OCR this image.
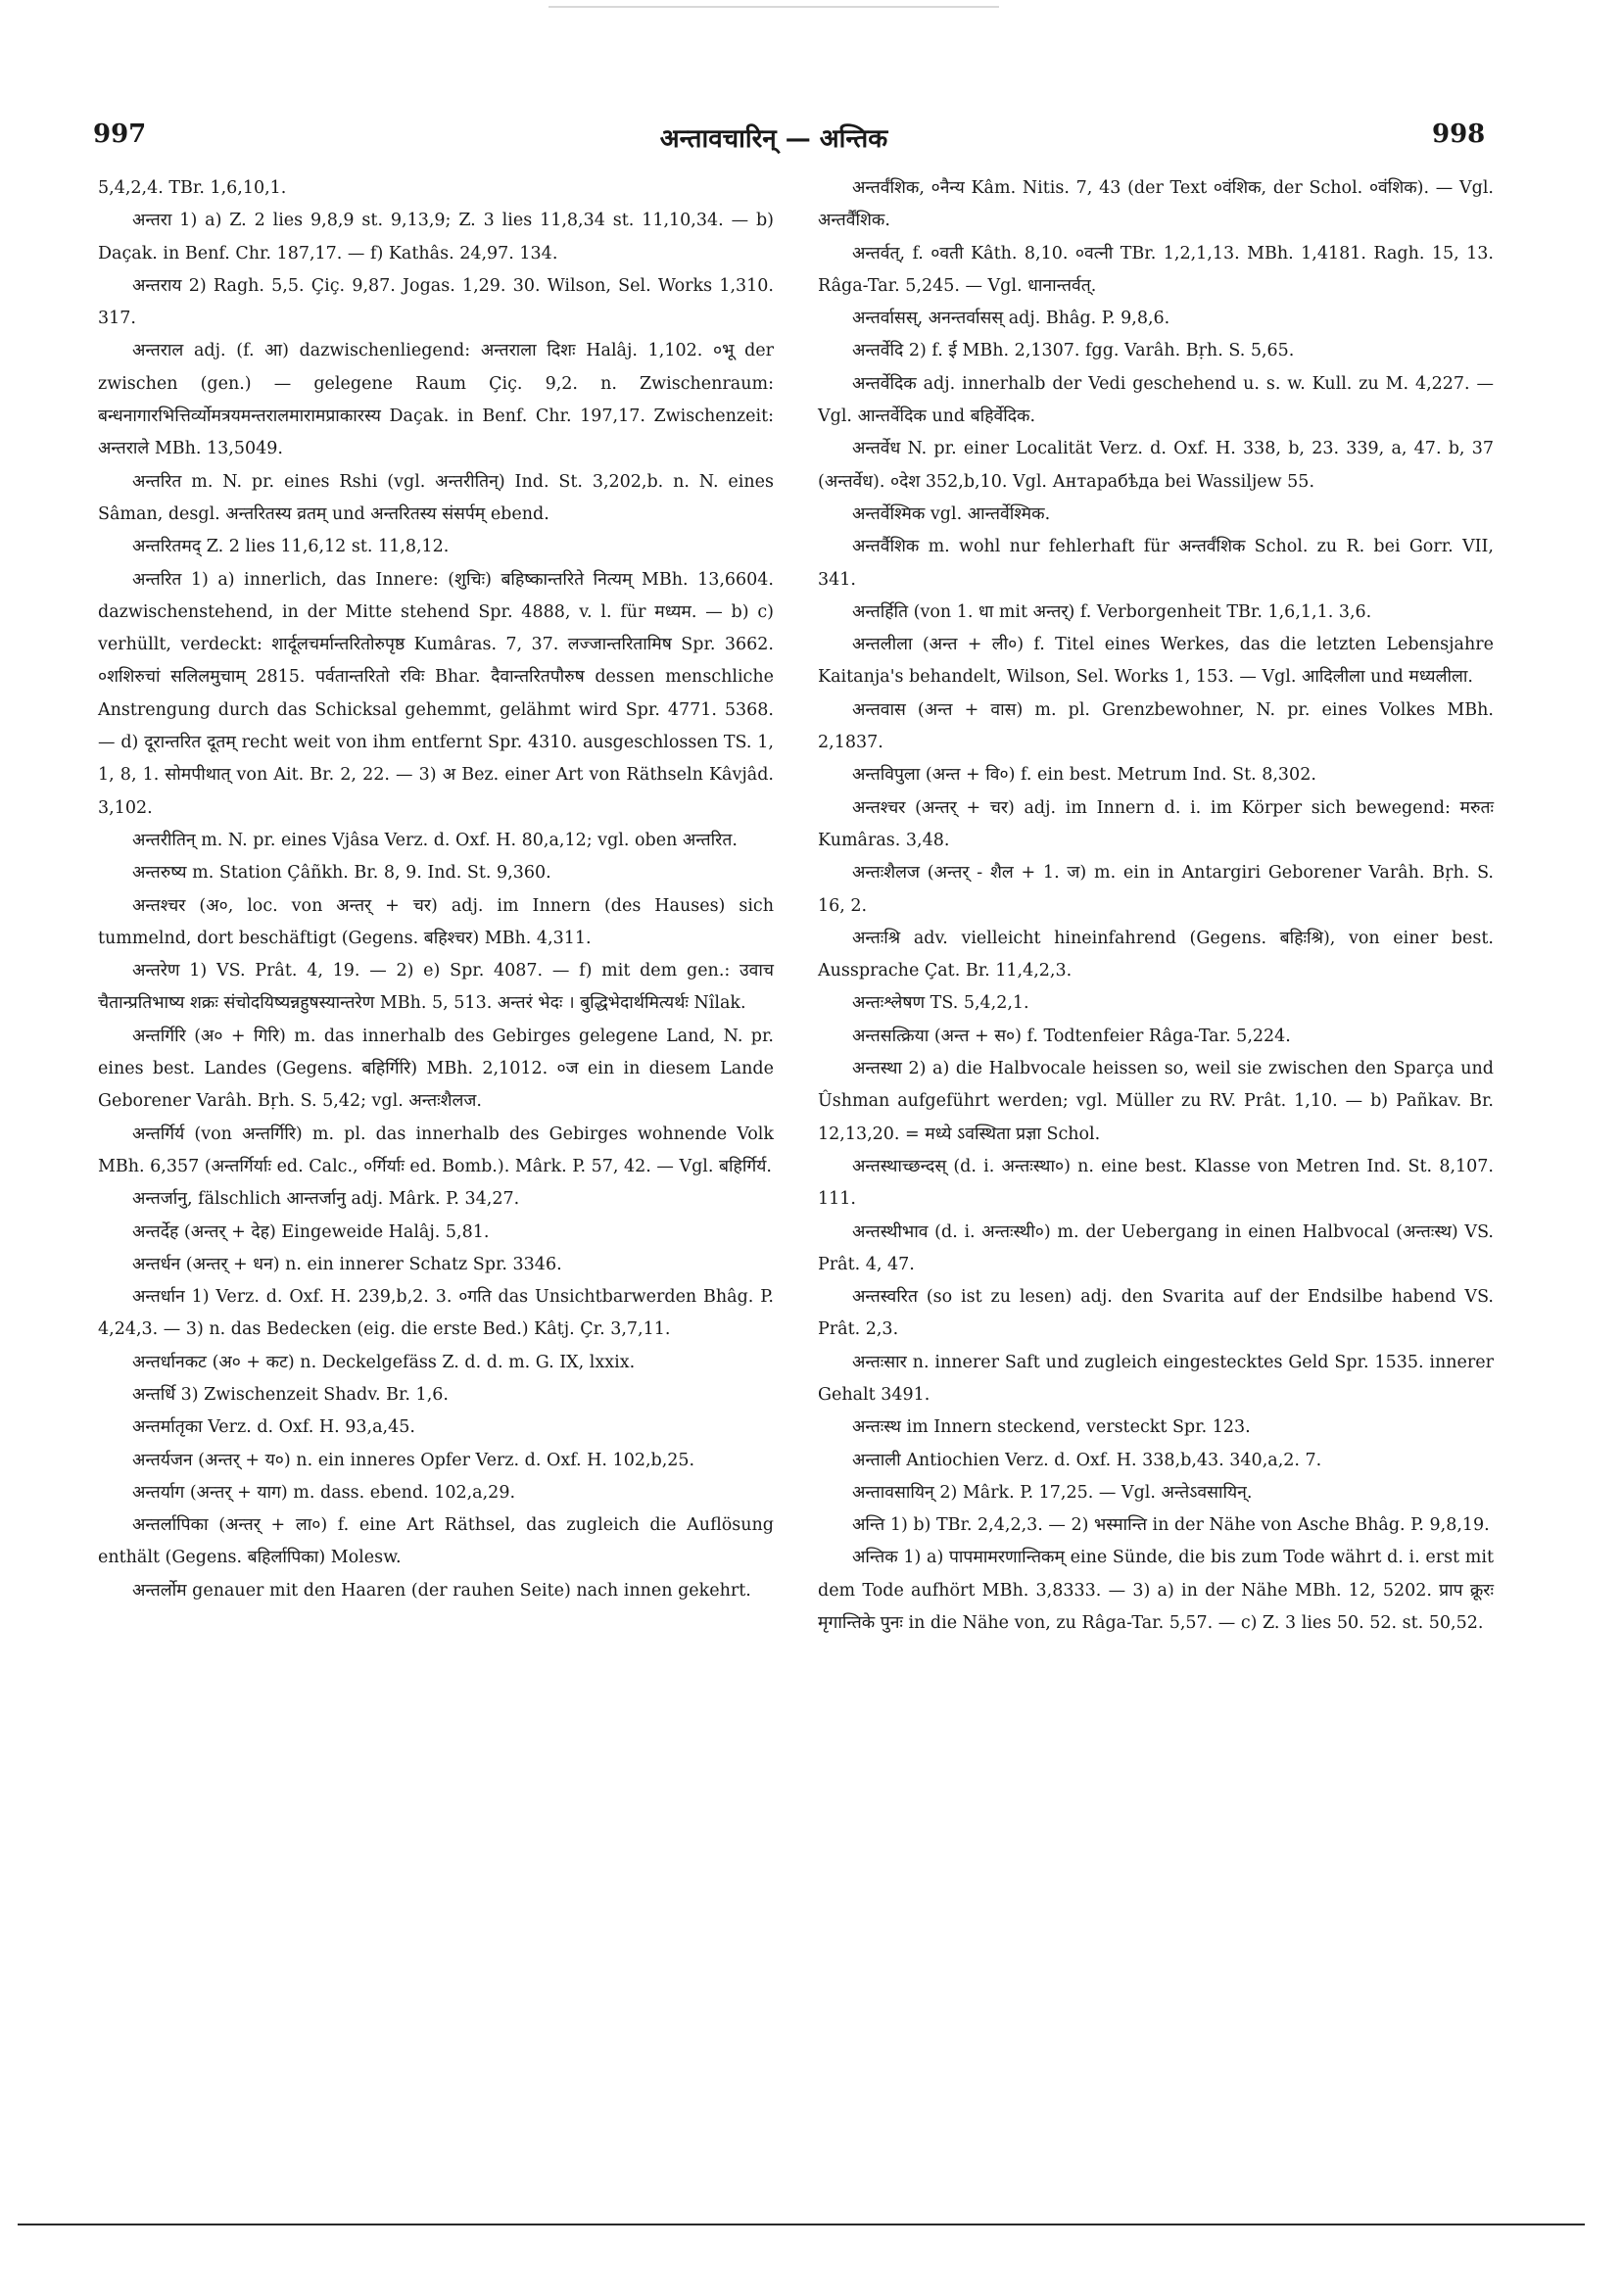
997	अन्तावचारिन् — अन्तिक	998

5,4,2,4. TBr. 1,6,10,1.

अन्तरा 1) a) Z. 2 lies 9,8,9 st. 9,13,9; Z. 3 lies 11,8,34 st. 11,10,34. — b) Daçak. in Benf. Chr. 187,17. — f) Kathâs. 24,97. 134.

अन्तराय 2) Ragh. 5,5. Çiç. 9,87. Jogas. 1,29. 30. Wilson, Sel. Works 1,310. 317.

अन्तराल adj. (f. आ) dazwischenliegend: अन्तराला दिशः Halâj. 1,102. ०भू der zwischen (gen.) — gelegene Raum Çiç. 9,2. n. Zwischenraum: बन्धनागारभित्तिर्व्योमत्रयमन्तरालमारामप्राकारस्य Daçak. in Benf. Chr. 197,17. Zwischenzeit: अन्तराले MBh. 13,5049.

अन्तरित m. N. pr. eines Rshi (vgl. अन्तरीतिन्) Ind. St. 3,202,b. n. N. eines Sâman, desgl. अन्तरितस्य व्रतम् und अन्तरितस्य संसर्पम् ebend.

अन्तरितमद् Z. 2 lies 11,6,12 st. 11,8,12.

अन्तरित 1) a) innerlich, das Innere: (शुचिः) बहिष्कान्तरिते नित्यम् MBh. 13,6604. dazwischenstehend, in der Mitte stehend Spr. 4888, v. l. für मध्यम. — b) c) verhüllt, verdeckt: शार्दूलचर्मान्तरितोरुपृष्ठ Kumâras. 7, 37. लज्जान्तरितामिष Spr. 3662. ०शशिरुचां सलिलमुचाम् 2815. पर्वतान्तरितो रविः Bhar. दैवान्तरितपौरुष dessen menschliche Anstrengung durch das Schicksal gehemmt, gelähmt wird Spr. 4771. 5368. — d) दूरान्तरित दूतम् recht weit von ihm entfernt Spr. 4310. ausgeschlossen TS. 1, 1, 8, 1. सोमपीथात् von Ait. Br. 2, 22. — 3) अ Bez. einer Art von Räthseln Kâvjâd. 3,102.

अन्तरीतिन् m. N. pr. eines Vjâsa Verz. d. Oxf. H. 80,a,12; vgl. oben अन्तरित.

अन्तरुष्य m. Station Çâñkh. Br. 8, 9. Ind. St. 9,360.

अन्तश्चर (अ०, loc. von अन्तर् + चर) adj. im Innern (des Hauses) sich tummelnd, dort beschäftigt (Gegens. बहिश्चर) MBh. 4,311.

अन्तरेण 1) VS. Prât. 4, 19. — 2) e) Spr. 4087. — f) mit dem gen.: उवाच चैतान्प्रतिभाष्य शक्रः संचोदयिष्यन्नहुषस्यान्तरेण MBh. 5, 513. अन्तरं भेदः । बुद्धिभेदार्थमित्यर्थः Nîlak.

अन्तर्गिरि (अ० + गिरि) m. das innerhalb des Gebirges gelegene Land, N. pr. eines best. Landes (Gegens. बहिर्गिरि) MBh. 2,1012. ०ज ein in diesem Lande Geborener Varâh. Bṛh. S. 5,42; vgl. अन्तःशैलज.

अन्तर्गिर्य (von अन्तर्गिरि) m. pl. das innerhalb des Gebirges wohnende Volk MBh. 6,357 (अन्तर्गिर्याः ed. Calc., ०र्गिर्याः ed. Bomb.). Mârk. P. 57, 42. — Vgl. बहिर्गिर्य.

अन्तर्जानु, fälschlich आन्तर्जानु adj. Mârk. P. 34,27.

अन्तर्देह (अन्तर् + देह) Eingeweide Halâj. 5,81.

अन्तर्धन (अन्तर् + धन) n. ein innerer Schatz Spr. 3346.

अन्तर्धान 1) Verz. d. Oxf. H. 239,b,2. 3. ०गति das Unsichtbarwerden Bhâg. P. 4,24,3. — 3) n. das Bedecken (eig. die erste Bed.) Kâtj. Çr. 3,7,11.

अन्तर्धानकट (अ० + कट) n. Deckelgefäss Z. d. d. m. G. IX, lxxix.

अन्तर्धि 3) Zwischenzeit Shadv. Br. 1,6.

अन्तर्मातृका Verz. d. Oxf. H. 93,a,45.

अन्तर्यजन (अन्तर् + य०) n. ein inneres Opfer Verz. d. Oxf. H. 102,b,25.

अन्तर्याग (अन्तर् + याग) m. dass. ebend. 102,a,29.

अन्तर्लापिका (अन्तर् + ला०) f. eine Art Räthsel, das zugleich die Auflösung enthält (Gegens. बहिर्लापिका) Molesw.

अन्तर्लोम genauer mit den Haaren (der rauhen Seite) nach innen gekehrt.

अन्तर्वंशिक, ०नैन्य Kâm. Nitis. 7, 43 (der Text ०वंशिक, der Schol. ०वंशिक). — Vgl. अन्तर्वैंशिक.

अन्तर्वत्, f. ०वती Kâth. 8,10. ०वत्नी TBr. 1,2,1,13. MBh. 1,4181. Ragh. 15, 13. Râga-Tar. 5,245. — Vgl. धानान्तर्वत्.

अन्तर्वासस्, अनन्तर्वासस् adj. Bhâg. P. 9,8,6.

अन्तर्वेदि 2) f. ई MBh. 2,1307. fgg. Varâh. Bṛh. S. 5,65.

अन्तर्वेदिक adj. innerhalb der Vedi geschehend u. s. w. Kull. zu M. 4,227. — Vgl. आन्तर्वेदिक und बहिर्वेदिक.

अन्तर्वेध N. pr. einer Localität Verz. d. Oxf. H. 338, b, 23. 339, a, 47. b, 37 (अन्तर्वेध). ०देश 352,b,10. Vgl. Антарабѣда bei Wassiljew 55.

अन्तर्वेश्मिक vgl. आन्तर्वेश्मिक.

अन्तर्वैशिक m. wohl nur fehlerhaft für अन्तर्वंशिक Schol. zu R. bei Gorr. VII, 341.

अन्तर्हिति (von 1. धा mit अन्तर्) f. Verborgenheit TBr. 1,6,1,1. 3,6.

अन्तलीला (अन्त + ली०) f. Titel eines Werkes, das die letzten Lebensjahre Kaitanja's behandelt, Wilson, Sel. Works 1, 153. — Vgl. आदिलीला und मध्यलीला.

अन्तवास (अन्त + वास) m. pl. Grenzbewohner, N. pr. eines Volkes MBh. 2,1837.

अन्तविपुला (अन्त + वि०) f. ein best. Metrum Ind. St. 8,302.

अन्तश्चर (अन्तर् + चर) adj. im Innern d. i. im Körper sich bewegend: मरुतः Kumâras. 3,48.

अन्तःशैलज (अन्तर् - शैल + 1. ज) m. ein in Antargiri Geborener Varâh. Bṛh. S. 16, 2.

अन्तःश्रि adv. vielleicht hineinfahrend (Gegens. बहिःश्रि), von einer best. Aussprache Çat. Br. 11,4,2,3.

अन्तःश्लेषण TS. 5,4,2,1.

अन्तसत्क्रिया (अन्त + स०) f. Todtenfeier Râga-Tar. 5,224.

अन्तस्था 2) a) die Halbvocale heissen so, weil sie zwischen den Sparça und Ûshman aufgeführt werden; vgl. Müller zu RV. Prât. 1,10. — b) Pañkav. Br. 12,13,20. = मध्ये ऽवस्थिता प्रज्ञा Schol.

अन्तस्थाच्छन्दस् (d. i. अन्तःस्था०) n. eine best. Klasse von Metren Ind. St. 8,107. 111.

अन्तस्थीभाव (d. i. अन्तःस्थी०) m. der Uebergang in einen Halbvocal (अन्तःस्थ) VS. Prât. 4, 47.

अन्तस्वरित (so ist zu lesen) adj. den Svarita auf der Endsilbe habend VS. Prât. 2,3.

अन्तःसार n. innerer Saft und zugleich eingestecktes Geld Spr. 1535. innerer Gehalt 3491.

अन्तःस्थ im Innern steckend, versteckt Spr. 123.

अन्ताली Antiochien Verz. d. Oxf. H. 338,b,43. 340,a,2. 7.

अन्तावसायिन् 2) Mârk. P. 17,25. — Vgl. अन्तेऽवसायिन्.

अन्ति 1) b) TBr. 2,4,2,3. — 2) भस्मान्ति in der Nähe von Asche Bhâg. P. 9,8,19.

अन्तिक 1) a) पापमामरणान्तिकम् eine Sünde, die bis zum Tode währt d. i. erst mit dem Tode aufhört MBh. 3,8333. — 3) a) in der Nähe MBh. 12, 5202. प्राप क्रूरः मृगान्तिके पुनः in die Nähe von, zu Râga-Tar. 5,57. — c) Z. 3 lies 50. 52. st. 50,52.
